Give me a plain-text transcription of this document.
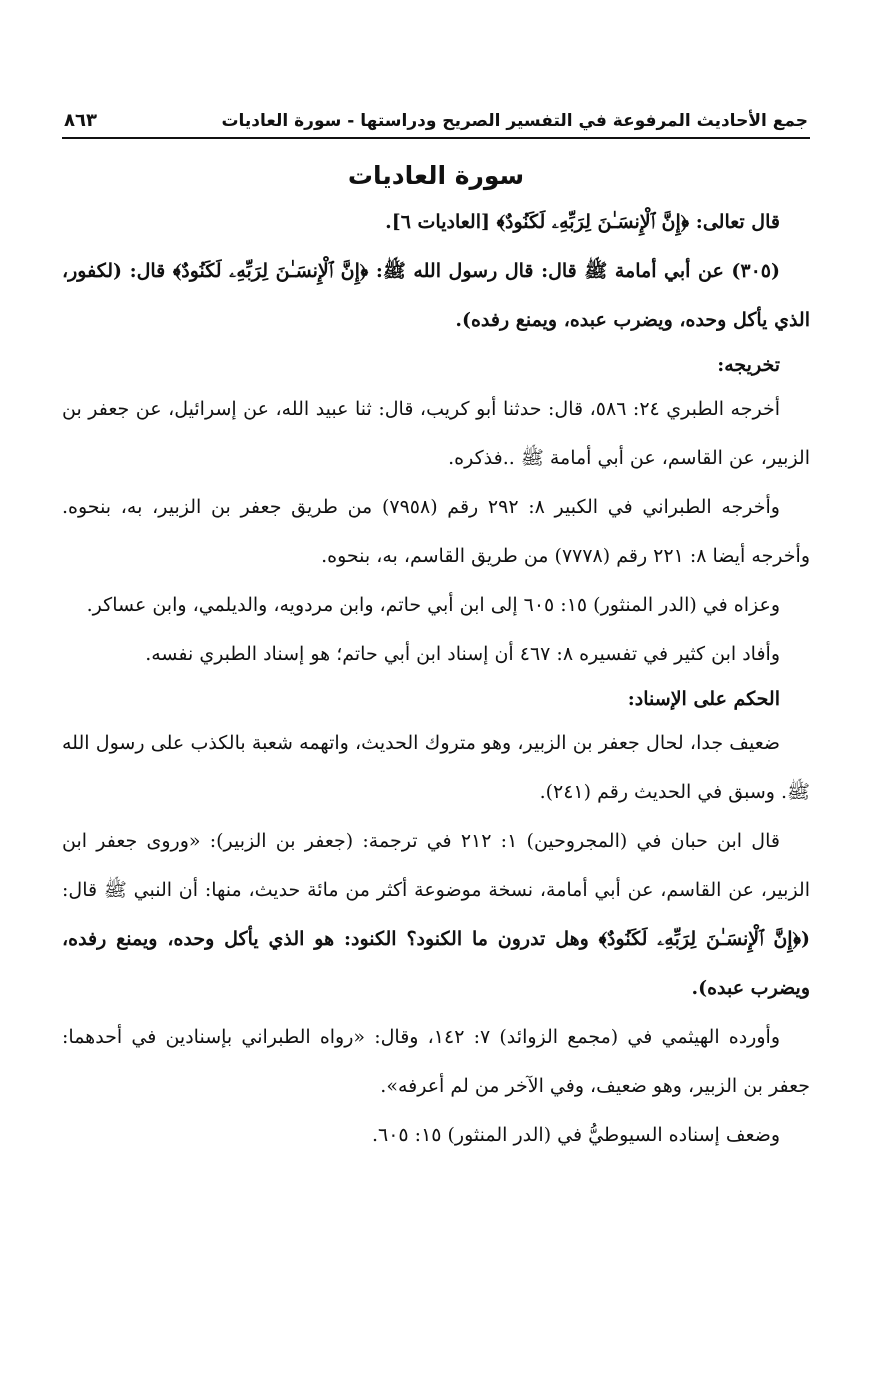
جمع الأحاديث المرفوعة في التفسير الصريح ودراستها - سورة العاديات
٨٦٣
سورة العاديات

قال تعالى: ﴿إِنَّ ٱلْإِنسَـٰنَ لِرَبِّهِۦ لَكَنُودٌ﴾ [العاديات ٦].

(٣٠٥) عن أبي أمامة ﷺ قال: قال رسول الله ﷺ: ﴿إِنَّ ٱلْإِنسَـٰنَ لِرَبِّهِۦ لَكَنُودٌ﴾ قال: (لكفور، الذي يأكل وحده، ويضرب عبده، ويمنع رفده).

تخريجه:

أخرجه الطبري ٢٤: ٥٨٦، قال: حدثنا أبو كريب، قال: ثنا عبيد الله، عن إسرائيل، عن جعفر بن الزبير، عن القاسم، عن أبي أمامة ﷺ ..فذكره.

وأخرجه الطبراني في الكبير ٨: ٢٩٢ رقم (٧٩٥٨) من طريق جعفر بن الزبير، به، بنحوه. وأخرجه أيضا ٨: ٢٢١ رقم (٧٧٧٨) من طريق القاسم، به، بنحوه.

وعزاه في (الدر المنثور) ١٥: ٦٠٥ إلى ابن أبي حاتم، وابن مردويه، والديلمي، وابن عساكر.

وأفاد ابن كثير في تفسيره ٨: ٤٦٧ أن إسناد ابن أبي حاتم؛ هو إسناد الطبري نفسه.

الحكم على الإسناد:

ضعيف جدا، لحال جعفر بن الزبير، وهو متروك الحديث، واتهمه شعبة بالكذب على رسول الله ﷺ. وسبق في الحديث رقم (٢٤١).

قال ابن حبان في (المجروحين) ١: ٢١٢ في ترجمة: (جعفر بن الزبير): «وروى جعفر ابن الزبير، عن القاسم، عن أبي أمامة، نسخة موضوعة أكثر من مائة حديث، منها: أن النبي ﷺ قال: (﴿إِنَّ ٱلْإِنسَـٰنَ لِرَبِّهِۦ لَكَنُودٌ﴾ وهل تدرون ما الكنود؟ الكنود: هو الذي يأكل وحده، ويمنع رفده، ويضرب عبده).

وأورده الهيثمي في (مجمع الزوائد) ٧: ١٤٢، وقال: «رواه الطبراني بإسنادين في أحدهما: جعفر بن الزبير، وهو ضعيف، وفي الآخر من لم أعرفه».

وضعف إسناده السيوطيُّ في (الدر المنثور) ١٥: ٦٠٥.
